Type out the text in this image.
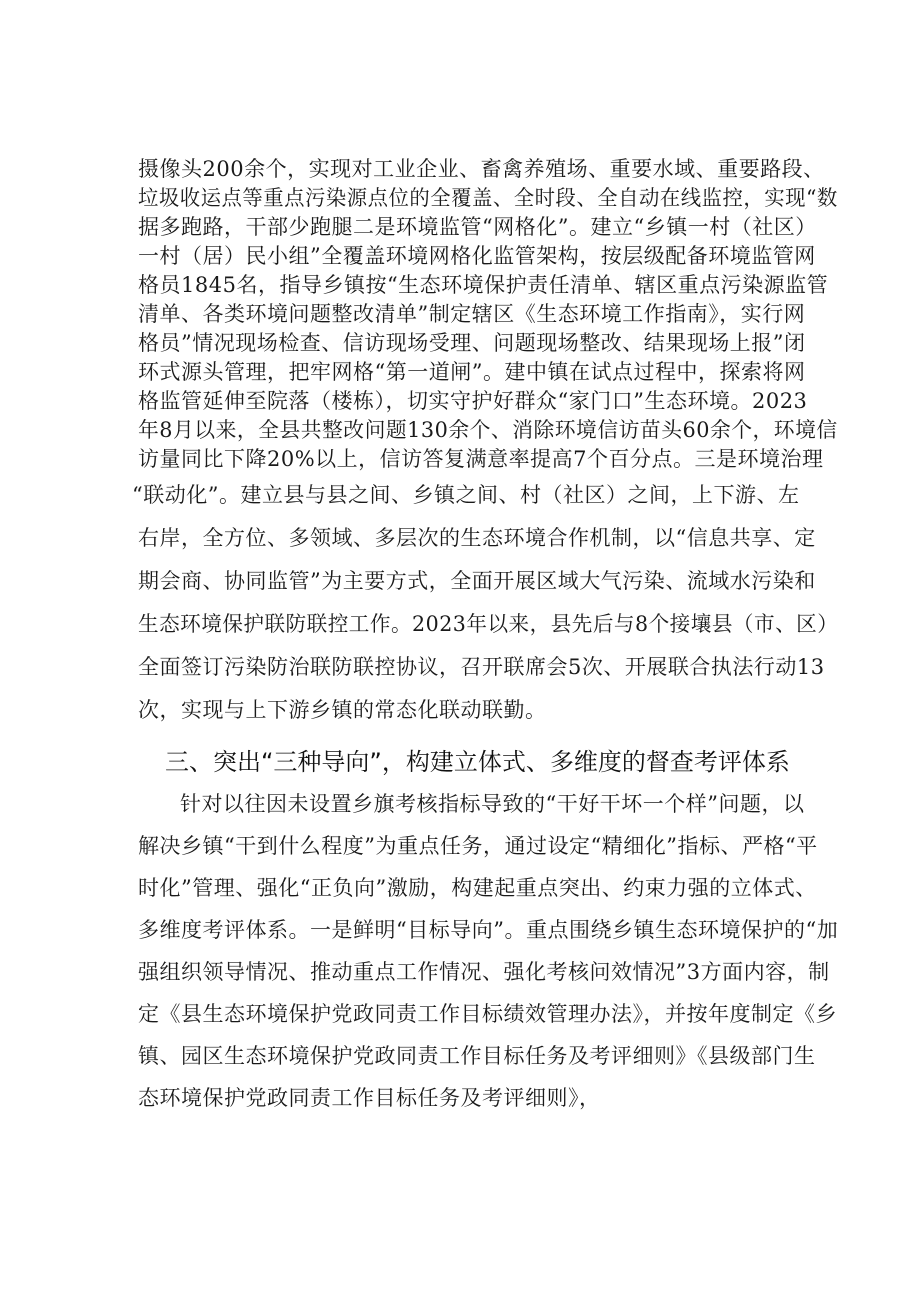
摄像头200余个，实现对工业企业、畜禽养殖场、重要水域、重要路段、
垃圾收运点等重点污染源点位的全覆盖、全时段、全自动在线监控，实现“数
据多跑路，干部少跑腿二是环境监管“网格化”。建立“乡镇一村（社区）
一村（居）民小组”全覆盖环境网格化监管架构，按层级配备环境监管网
格员1845名，指导乡镇按“生态环境保护责任清单、辖区重点污染源监管
清单、各类环境问题整改清单”制定辖区《生态环境工作指南》，实行网
格员”情况现场检查、信访现场受理、问题现场整改、结果现场上报”闭
环式源头管理，把牢网格“第一道闸”。建中镇在试点过程中，探索将网
格监管延伸至院落（楼栋），切实守护好群众“家门口”生态环境。2023
年8月以来，全县共整改问题130余个、消除环境信访苗头60余个，环境信
访量同比下降20%以上，信访答复满意率提高7个百分点。三是环境治理
“联动化”。建立县与县之间、乡镇之间、村（社区）之间，上下游、左
右岸，全方位、多领域、多层次的生态环境合作机制，以“信息共享、定
期会商、协同监管”为主要方式，全面开展区域大气污染、流域水污染和
生态环境保护联防联控工作。2023年以来，县先后与8个接壤县（市、区）
全面签订污染防治联防联控协议，召开联席会5次、开展联合执法行动13
次，实现与上下游乡镇的常态化联动联勤。
三、突出“三种导向”，构建立体式、多维度的督查考评体系
针对以往因未设置乡旗考核指标导致的“干好干坏一个样”问题，以
解决乡镇“干到什么程度”为重点任务，通过设定“精细化”指标、严格“平
时化”管理、强化“正负向”激励，构建起重点突出、约束力强的立体式、
多维度考评体系。一是鲜明“目标导向”。重点围绕乡镇生态环境保护的“加
强组织领导情况、推动重点工作情况、强化考核问效情况”3方面内容，制
定《县生态环境保护党政同责工作目标绩效管理办法》，并按年度制定《乡
镇、园区生态环境保护党政同责工作目标任务及考评细则》《县级部门生
态环境保护党政同责工作目标任务及考评细则》，
